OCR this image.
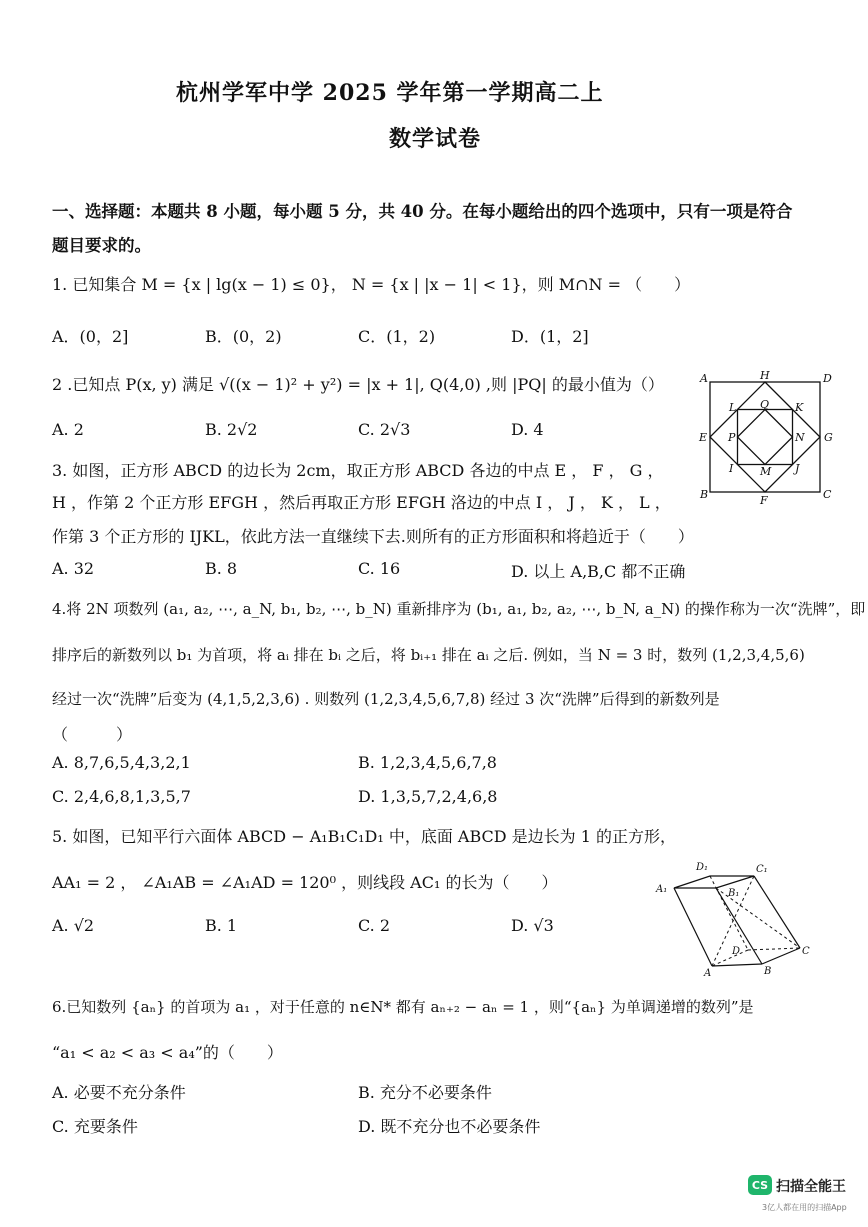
杭州学军中学 2025 学年第一学期高二上
数学试卷
一、选择题：本题共 8 小题，每小题 5 分，共 40 分。在每小题给出的四个选项中，只有一项是符合
题目要求的。
1. 已知集合 M = {x | lg(x − 1) ≤ 0}， N = {x | |x − 1| < 1}，则 M∩N = （　　）
A．(0，2]	B．(0，2)	C．(1，2)	D．(1，2]
2 .已知点 P(x, y) 满足 √((x − 1)² + y²) = |x + 1|, Q(4,0) ,则 |PQ| 的最小值为（）
A. 2	B. 2√2	C. 2√3	D. 4
A	H	D
L Q K
E P	N G
I M J
B	F	C
3. 如图，正方形 ABCD 的边长为 2cm，取正方形 ABCD 各边的中点 E ， F ， G ，
H ，作第 2 个正方形 EFGH ，然后再取正方形 EFGH 洛边的中点 I ， J ， K ， L ，
作第 3 个正方形的 IJKL，依此方法一直继续下去.则所有的正方形面积和将趋近于（　　）
A. 32	B. 8	C. 16	D. 以上 A,B,C 都不正确
4.将 2N 项数列 (a₁, a₂, ⋯, a_N, b₁, b₂, ⋯, b_N) 重新排序为 (b₁, a₁, b₂, a₂, ⋯, b_N, a_N) 的操作称为一次“洗牌”，即
排序后的新数列以 b₁ 为首项，将 aᵢ 排在 bᵢ 之后，将 bᵢ₊₁ 排在 aᵢ 之后. 例如，当 N = 3 时，数列 (1,2,3,4,5,6)
经过一次“洗牌”后变为 (4,1,5,2,3,6) . 则数列 (1,2,3,4,5,6,7,8) 经过 3 次“洗牌”后得到的新数列是
（　　　）
A. 8,7,6,5,4,3,2,1	B. 1,2,3,4,5,6,7,8
C. 2,4,6,8,1,3,5,7	D. 1,3,5,7,2,4,6,8
5. 如图，已知平行六面体 ABCD − A₁B₁C₁D₁ 中，底面 ABCD 是边长为 1 的正方形，
AA₁ = 2 ， ∠A₁AB = ∠A₁AD = 120⁰ ，则线段 AC₁ 的长为（　　）
A. √2	B. 1	C. 2	D. √3
D₁	C₁
A₁	B₁
D	C
A	B
6.已知数列 {aₙ} 的首项为 a₁ ，对于任意的 n∈N* 都有 aₙ₊₂ − aₙ = 1 ，则“{aₙ} 为单调递增的数列”是
“a₁ < a₂ < a₃ < a₄”的（　　）
A. 必要不充分条件	B. 充分不必要条件
C. 充要条件	D. 既不充分也不必要条件
CS 扫描全能王
3亿人都在用的扫描App
